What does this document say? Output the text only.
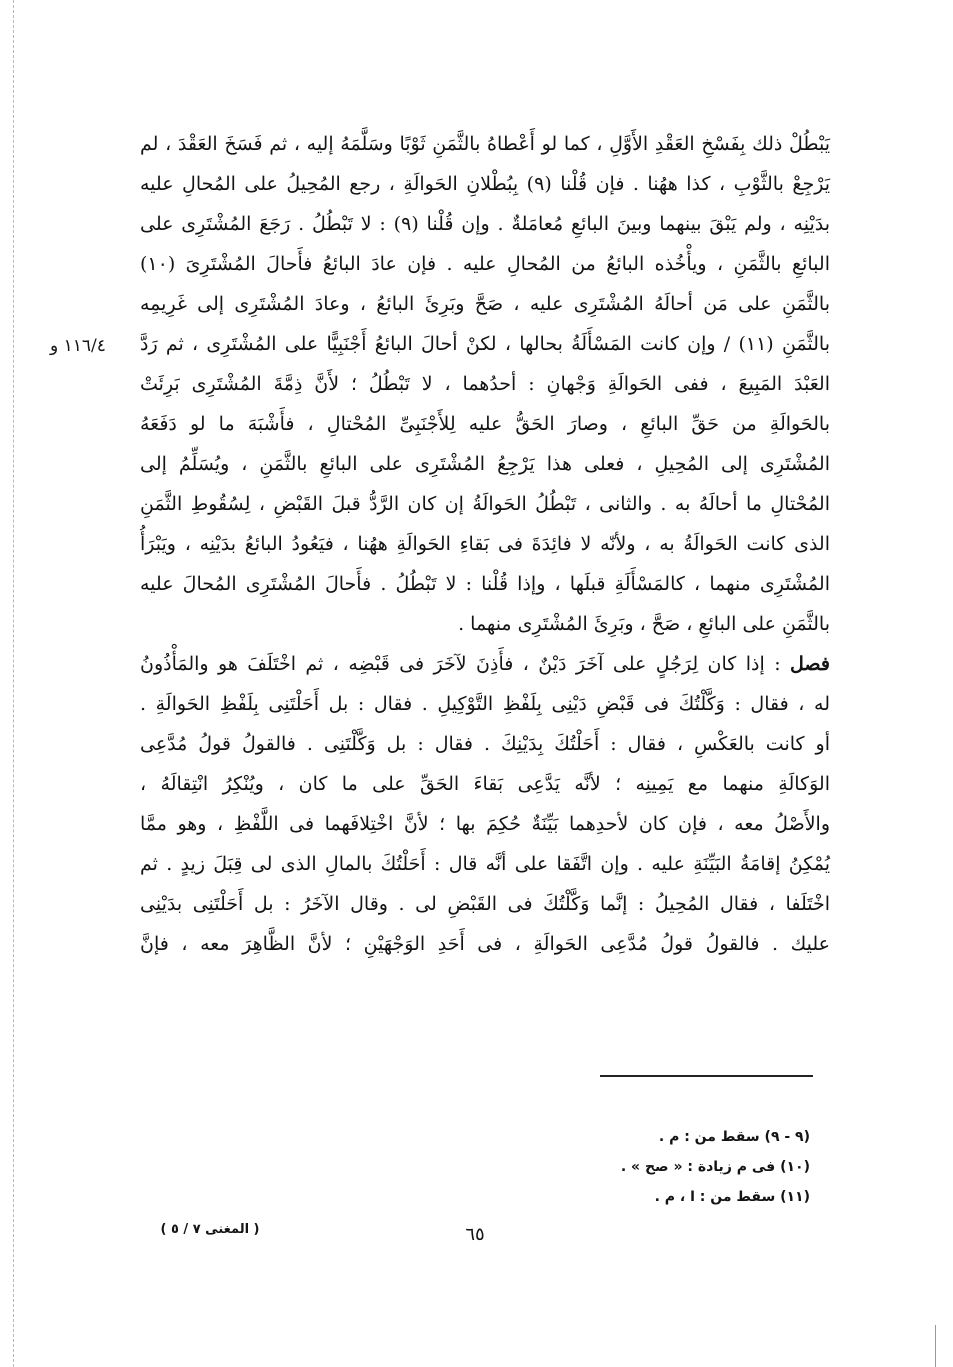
١١٦/٤ و
يَبْطُلْ ذلك بِفَسْخِ العَقْدِ الأَوَّلِ ، كما لو أَعْطاهُ بالثَّمَنِ ثَوْبًا وسَلَّمَهُ إليه ، ثم فَسَخَ العَقْدَ ، لم
يَرْجِعْ بالثَّوْبِ ، كذا ههُنا . فإن قُلْنا (٩) بِبُطْلانِ الحَوالَةِ ، رجع المُحِيلُ على المُحالِ عليه
بدَيْنِه ، ولم يَبْقَ بينهما وبينَ البائعِ مُعامَلةٌ . وإن قُلْنا (٩) : لا تَبْطُلُ . رَجَعَ المُشْتَرِى على
البائعِ بالثَّمَنِ ، ويأْخُذه البائعُ من المُحالِ عليه . فإن عادَ البائعُ فأَحالَ المُشْتَرِىَ (١٠)
بالثَّمَنِ على مَن أحالَهُ المُشْتَرِى عليه ، صَحَّ وبَرِئَ البائعُ ، وعادَ المُشْتَرِى إلى غَرِيمِه
بالثَّمَنِ (١١) / وإن كانت المَسْأَلَةُ بحالها ، لكنْ أحالَ البائعُ أَجْنَبِيًّا على المُشْتَرِى ، ثم رَدَّ
العَبْدَ المَبِيعَ ، ففى الحَوالَةِ وَجْهانِ : أحدُهما ، لا تَبْطُلُ ؛ لأَنَّ ذِمَّةَ المُشْتَرِى بَرِئَتْ
بالحَوالَةِ من حَقِّ البائعِ ، وصارَ الحَقُّ عليه لِلأَجْنَبِىِّ المُحْتالِ ، فأَشْبَهَ ما لو دَفَعَهُ
المُشْتَرِى إلى المُحِيلِ ، فعلى هذا يَرْجِعُ المُشْتَرِى على البائعِ بالثَّمَنِ ، ويُسَلِّمُ إلى
المُحْتالِ ما أحالَهُ به . والثانى ، تَبْطُلُ الحَوالَةُ إن كان الرَّدُّ قبلَ القَبْضِ ، لِسُقُوطِ الثَّمَنِ
الذى كانت الحَوالَةُ به ، ولأنّه لا فائِدَةَ فى بَقاءِ الحَوالَةِ ههُنا ، فيَعُودُ البائعُ بدَيْنِه ، ويَبْرَأُ
المُشْتَرِى منهما ، كالمَسْأَلَةِ قبلَها ، وإذا قُلْنا : لا تَبْطُلُ . فأَحالَ المُشْتَرِى المُحالَ عليه
بالثَّمَنِ على البائعِ ، صَحَّ ، وبَرِئَ المُشْتَرِى منهما .
فصل : إذا كان لِرَجُلٍ على آخَرَ دَيْنٌ ، فأَذِنَ لآخَرَ فى قَبْضِه ، ثم اخْتَلَفَ هو والمَأْذُونُ
له ، فقال : وَكَّلْتُكَ فى قَبْضِ دَيْنِى بِلَفْظِ التَّوْكِيلِ . فقال : بل أَحَلْتَنِى بِلَفْظِ الحَوالَةِ .
أو كانت بالعَكْسِ ، فقال : أَحَلْتُكَ بِدَيْنِكَ . فقال : بل وَكَّلْتَنِى . فالقولُ قولُ مُدَّعِى
الوَكالَةِ منهما مع يَمِينِه ؛ لأنَّه يَدَّعِى بَقاءَ الحَقِّ على ما كان ، ويُنْكِرُ انْتِقالَهُ ،
والأَصْلُ معه ، فإن كان لأحدِهما بَيِّنَةٌ حُكِمَ بها ؛ لأنَّ اخْتِلافَهما فى اللَّفْظِ ، وهو ممَّا
يُمْكِنُ إقامَةُ البَيِّنَةِ عليه . وإن اتَّفَقا على أنَّه قال : أَحَلْتُكَ بالمالِ الذى لى قِبَلَ زيدٍ . ثم
اخْتَلَفا ، فقال المُحِيلُ : إنَّما وَكَّلْتُكَ فى القَبْضِ لى . وقال الآخَرُ : بل أَحَلْتَنِى بدَيْنِى
عليك . فالقولُ قولُ مُدَّعِى الحَوالَةِ ، فى أَحَدِ الوَجْهَيْنِ ؛ لأنَّ الظَّاهِرَ معه ، فإنَّ
(٩ - ٩) سقط من : م .
(١٠) فى م زيادة : « صح » .
(١١) سقط من : ا ، م .
٦٥
( المغنى ٧ / ٥ )
